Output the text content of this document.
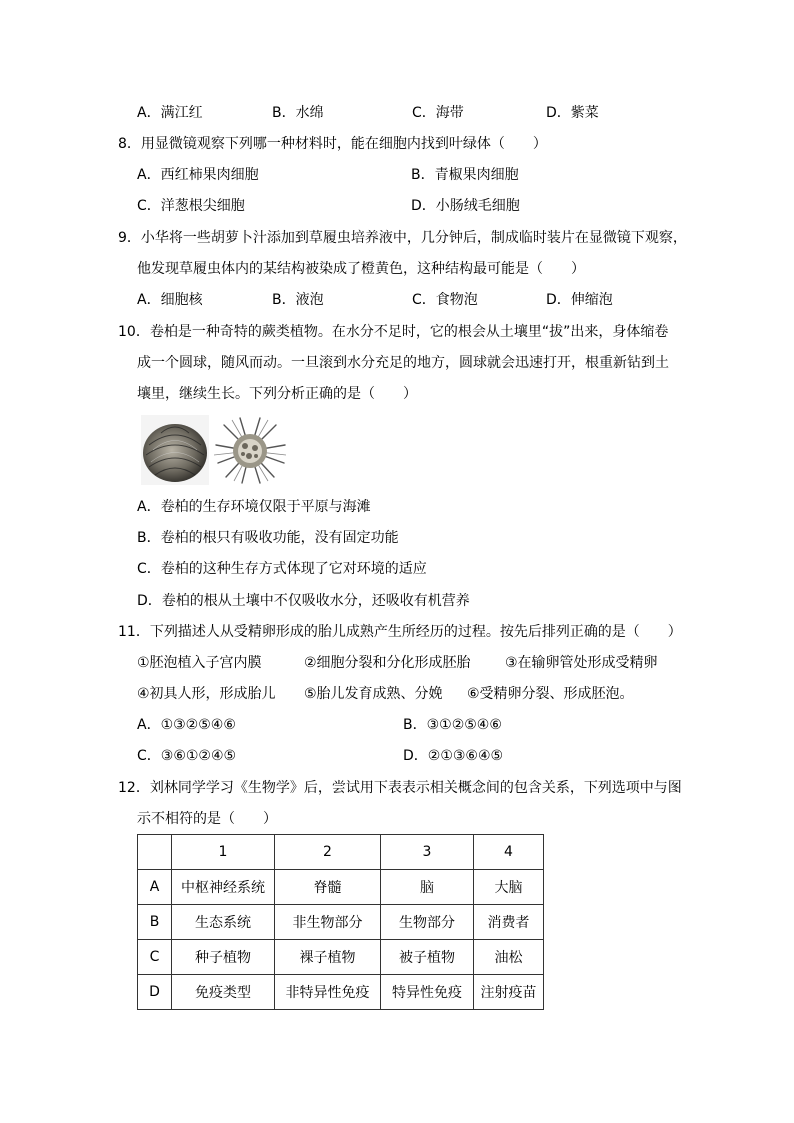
A．满江红	B．水绵	C．海带	D．紫菜
8．用显微镜观察下列哪一种材料时，能在细胞内找到叶绿体（　　）
A．西红柿果肉细胞	B．青椒果肉细胞
C．洋葱根尖细胞	D．小肠绒毛细胞
9．小华将一些胡萝卜汁添加到草履虫培养液中，几分钟后，制成临时装片在显微镜下观察，
他发现草履虫体内的某结构被染成了橙黄色，这种结构最可能是（　　）
A．细胞核	B．液泡	C．食物泡	D．伸缩泡
10．卷柏是一种奇特的蕨类植物。在水分不足时，它的根会从土壤里“拔”出来，身体缩卷
成一个圆球，随风而动。一旦滚到水分充足的地方，圆球就会迅速打开，根重新钻到土
壤里，继续生长。下列分析正确的是（　　）
A．卷柏的生存环境仅限于平原与海滩
B．卷柏的根只有吸收功能，没有固定功能
C．卷柏的这种生存方式体现了它对环境的适应
D．卷柏的根从土壤中不仅吸收水分，还吸收有机营养
11．下列描述人从受精卵形成的胎儿成熟产生所经历的过程。按先后排列正确的是（　　）
①胚泡植入子宫内膜	②细胞分裂和分化形成胚胎 ③在输卵管处形成受精卵
④初具人形，形成胎儿 ⑤胎儿发育成熟、分娩 ⑥受精卵分裂、形成胚泡。
A．①③②⑤④⑥	B．③①②⑤④⑥
C．③⑥①②④⑤	D．②①③⑥④⑤
12．刘林同学学习《生物学》后，尝试用下表表示相关概念间的包含关系，下列选项中与图
示不相符的是（　　）
	1	2	3	4
A	中枢神经系统	脊髓	脑	大脑
B	生态系统	非生物部分	生物部分	消费者
C	种子植物	裸子植物	被子植物	油松
D	免疫类型	非特异性免疫	特异性免疫	注射疫苗
